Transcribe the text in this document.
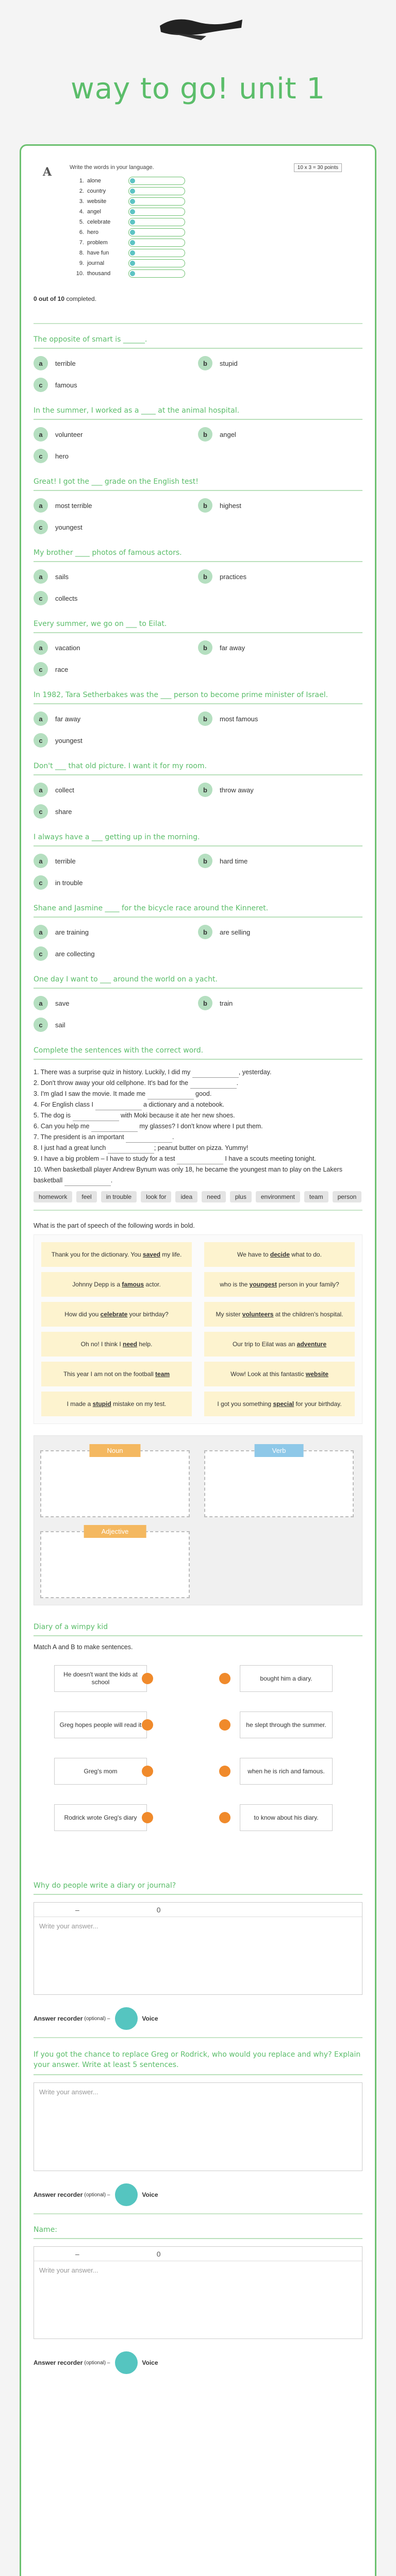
way to go! unit 1
A	Write the words in your language.	10 x 3 = 30 points
1. alone
2. country
3. website
4. angel
5. celebrate
6. hero
7. problem
8. have fun
9. journal
10. thousand
0 out of 10 completed.
The opposite of smart is ______.
a	terrible	b	stupid
c	famous
In the summer, I worked as a ____ at the animal hospital.
a	volunteer	b	angel
c	hero
Great! I got the ___ grade on the English test!
a	most terrible	b	highest
c	youngest
My brother ____ photos of famous actors.
a	sails	b	practices
c	collects
Every summer, we go on ___ to Eilat.
a	vacation	b	far away
c	race
In 1982, Tara Setherbakes was the ___ person to become prime minister of Israel.
a	far away	b	most famous
c	youngest
Don't ___ that old picture. I want it for my room.
a	collect	b	throw away
c	share
I always have a ___ getting up in the morning.
a	terrible	b	hard time
c	in trouble
Shane and Jasmine ____ for the bicycle race around the Kinneret.
a	are training	b	are selling
c	are collecting
One day I want to ___ around the world on a yacht.
a	save	b	train
c	sail
Complete the sentences with the correct word.
1. There was a surprise quiz in history. Luckily, I did my	, yesterday.
2. Don't throw away your old cellphone. It's bad for the	.
3. I'm glad I saw the movie. It made me	good.
4. For English class I	a dictionary and a notebook.
5. The dog is	with Moki because it ate her new shoes.
6. Can you help me	my glasses? I don't know where I put them.
7. The president is an important	.
8. I just had a great lunch	; peanut butter on pizza. Yummy!
9. I have a big problem – I have to study for a test	I have a scouts meeting tonight.
10. When basketball player Andrew Bynum was only 18, he became the youngest man to play on the Lakers basketball	.
homework	feel	in trouble	look for	idea	need	plus	environment	team	person
What is the part of speech of the following words in bold.
Thank you for the dictionary. You saved my life.	We have to decide what to do.
Johnny Depp is a famous actor.	who is the youngest person in your family?
How did you celebrate your birthday?	My sister volunteers at the children's hospital.
Oh no! I think I need help.	Our trip to Eilat was an adventure
This year I am not on the football team	Wow! Look at this fantastic website
I made a stupid mistake on my test.	I got you something special for your birthday.
Noun	Verb
Adjective
Diary of a wimpy kid
Match A and B to make sentences.
He doesn't want the kids at school
Greg hopes people will read it
Greg's mom
Rodrick wrote Greg's diary
bought him a diary.
he slept through the summer.
when he is rich and famous.
to know about his diary.
Why do people write a diary or journal?
–	0
Write your answer...
Answer recorder (optional) –	Voice
If you got the chance to replace Greg or Rodrick, who would you replace and why? Explain your answer. Write at least 5 sentences.
Write your answer...
Answer recorder (optional) –	Voice
Name:
–	0
Write your answer...
Answer recorder (optional) –	Voice
